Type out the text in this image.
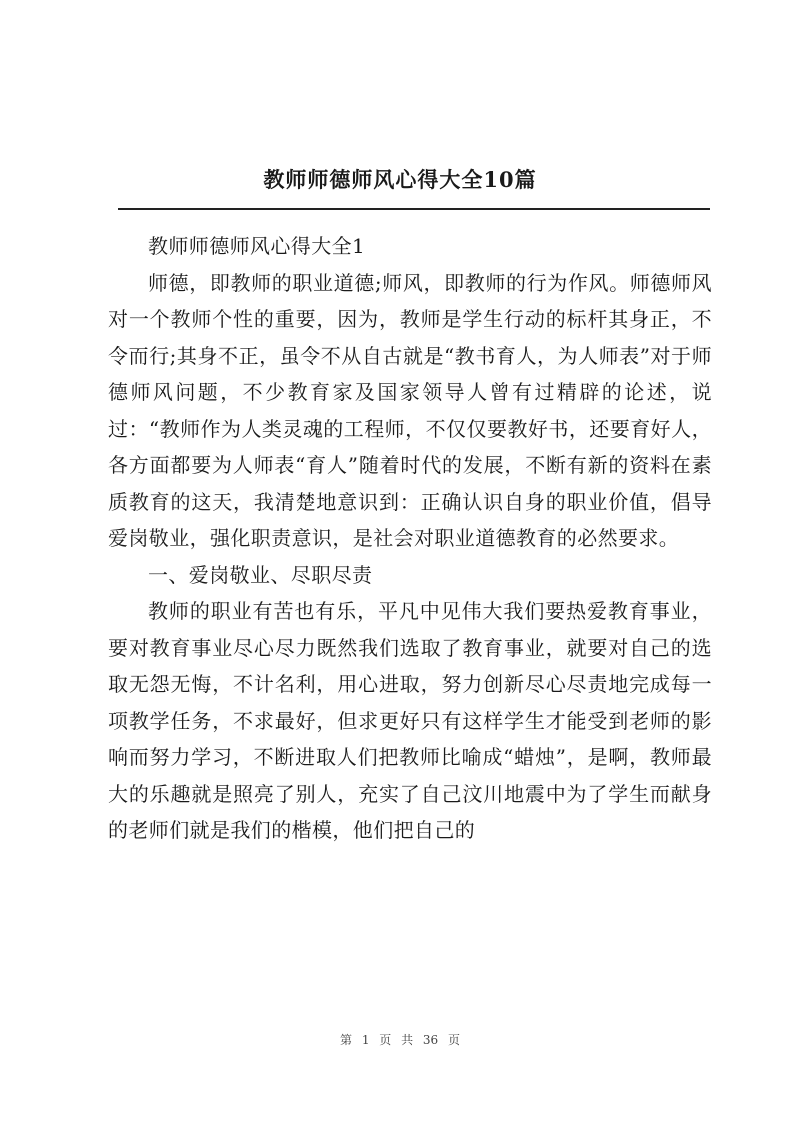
教师师德师风心得大全10篇

教师师德师风心得大全1

师德，即教师的职业道德;师风，即教师的行为作风。师德师风对一个教师个性的重要，因为，教师是学生行动的标杆其身正，不令而行;其身不正，虽令不从自古就是“教书育人，为人师表”对于师德师风问题，不少教育家及国家领导人曾有过精辟的论述，说过：“教师作为人类灵魂的工程师，不仅仅要教好书，还要育好人，各方面都要为人师表“育人”随着时代的发展，不断有新的资料在素质教育的这天，我清楚地意识到：正确认识自身的职业价值，倡导爱岗敬业，强化职责意识，是社会对职业道德教育的必然要求。

一、爱岗敬业、尽职尽责

教师的职业有苦也有乐，平凡中见伟大我们要热爱教育事业，要对教育事业尽心尽力既然我们选取了教育事业，就要对自己的选取无怨无悔，不计名利，用心进取，努力创新尽心尽责地完成每一项教学任务，不求最好，但求更好只有这样学生才能受到老师的影响而努力学习，不断进取人们把教师比喻成“蜡烛”，是啊，教师最大的乐趣就是照亮了别人，充实了自己汶川地震中为了学生而献身的老师们就是我们的楷模，他们把自己的

第 1 页 共 36 页
